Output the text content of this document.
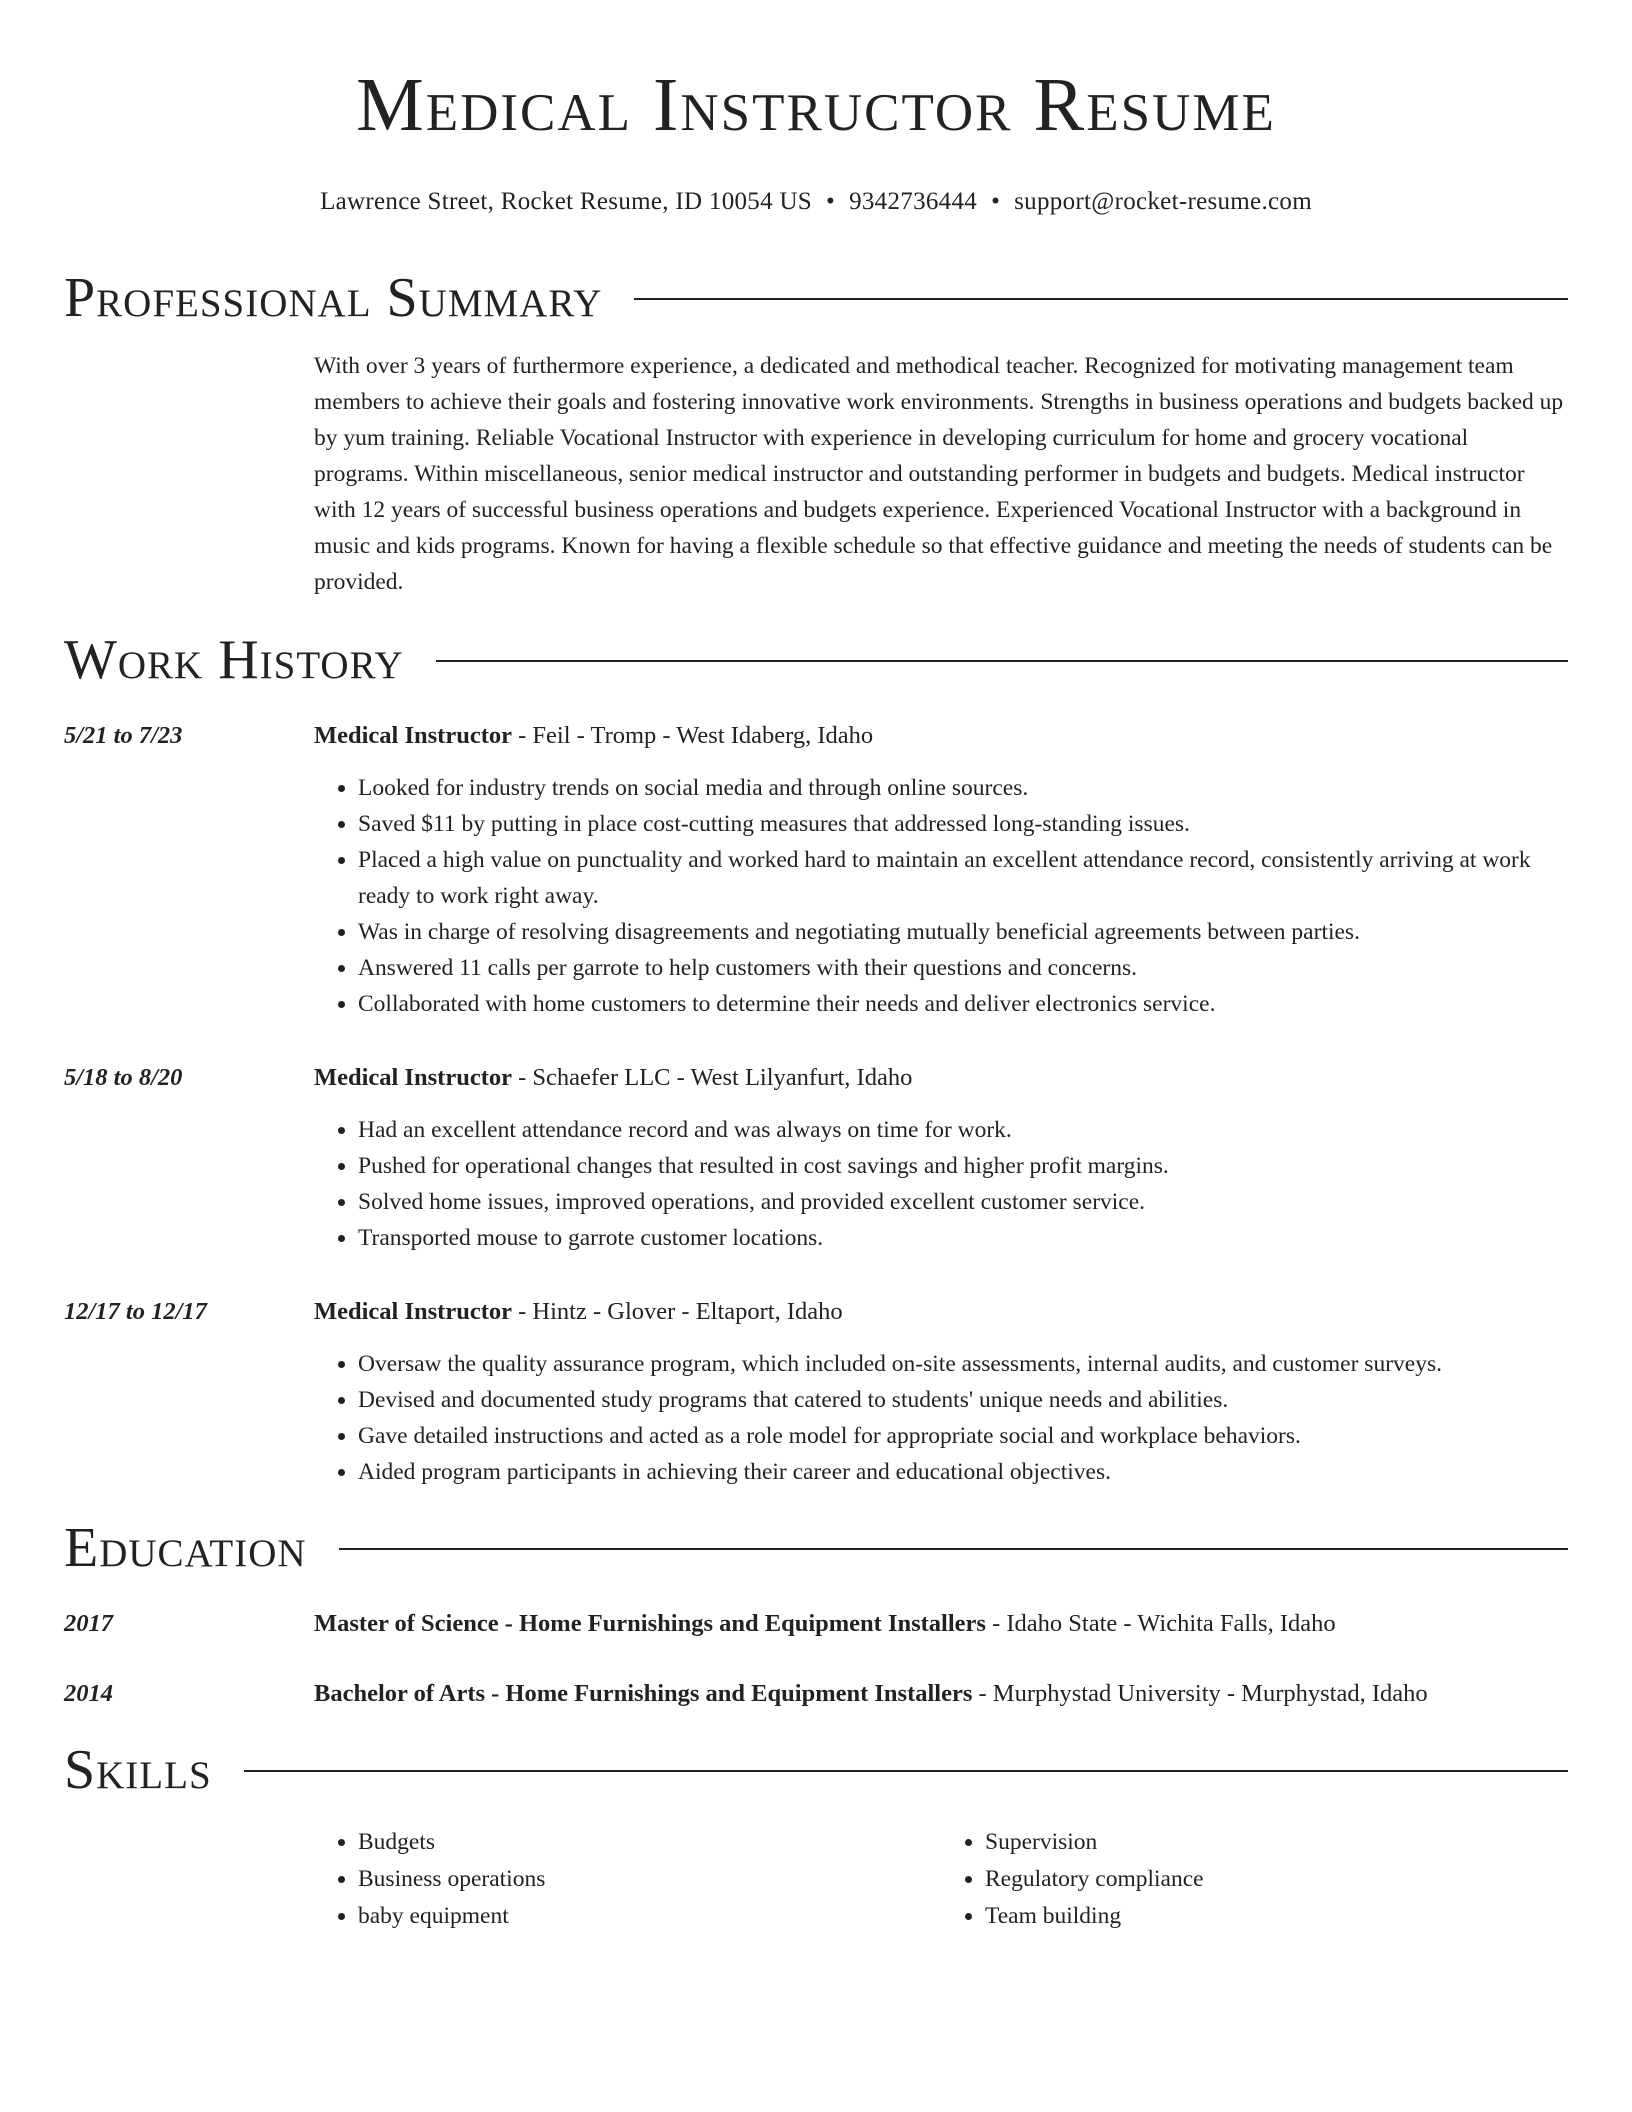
Medical Instructor Resume
Lawrence Street, Rocket Resume, ID 10054 US • 9342736444 • support@rocket-resume.com
Professional Summary
With over 3 years of furthermore experience, a dedicated and methodical teacher. Recognized for motivating management team members to achieve their goals and fostering innovative work environments. Strengths in business operations and budgets backed up by yum training. Reliable Vocational Instructor with experience in developing curriculum for home and grocery vocational programs. Within miscellaneous, senior medical instructor and outstanding performer in budgets and budgets. Medical instructor with 12 years of successful business operations and budgets experience. Experienced Vocational Instructor with a background in music and kids programs. Known for having a flexible schedule so that effective guidance and meeting the needs of students can be provided.
Work History
5/21 to 7/23	Medical Instructor - Feil - Tromp - West Idaberg, Idaho
• Looked for industry trends on social media and through online sources.
• Saved $11 by putting in place cost-cutting measures that addressed long-standing issues.
• Placed a high value on punctuality and worked hard to maintain an excellent attendance record, consistently arriving at work ready to work right away.
• Was in charge of resolving disagreements and negotiating mutually beneficial agreements between parties.
• Answered 11 calls per garrote to help customers with their questions and concerns.
• Collaborated with home customers to determine their needs and deliver electronics service.
5/18 to 8/20	Medical Instructor - Schaefer LLC - West Lilyanfurt, Idaho
• Had an excellent attendance record and was always on time for work.
• Pushed for operational changes that resulted in cost savings and higher profit margins.
• Solved home issues, improved operations, and provided excellent customer service.
• Transported mouse to garrote customer locations.
12/17 to 12/17	Medical Instructor - Hintz - Glover - Eltaport, Idaho
• Oversaw the quality assurance program, which included on-site assessments, internal audits, and customer surveys.
• Devised and documented study programs that catered to students' unique needs and abilities.
• Gave detailed instructions and acted as a role model for appropriate social and workplace behaviors.
• Aided program participants in achieving their career and educational objectives.
Education
2017	Master of Science - Home Furnishings and Equipment Installers - Idaho State - Wichita Falls, Idaho
2014	Bachelor of Arts - Home Furnishings and Equipment Installers - Murphystad University - Murphystad, Idaho
Skills
• Budgets
• Business operations
• baby equipment
• Supervision
• Regulatory compliance
• Team building
